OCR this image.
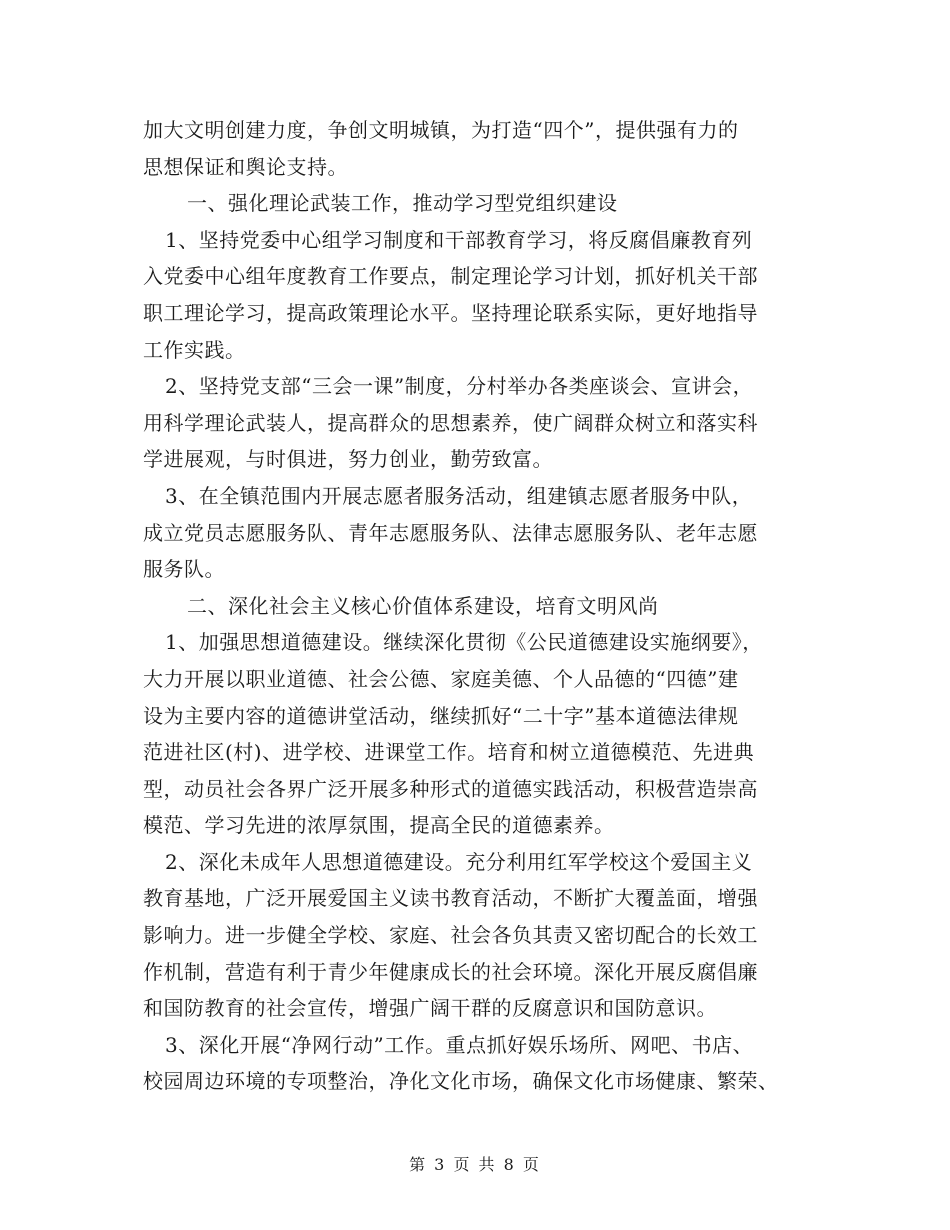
加大文明创建力度，争创文明城镇，为打造“四个”，提供强有力的
思想保证和舆论支持。
一、强化理论武装工作，推动学习型党组织建设
1、坚持党委中心组学习制度和干部教育学习，将反腐倡廉教育列
入党委中心组年度教育工作要点，制定理论学习计划，抓好机关干部
职工理论学习，提高政策理论水平。坚持理论联系实际，更好地指导
工作实践。
2、坚持党支部“三会一课”制度，分村举办各类座谈会、宣讲会，
用科学理论武装人，提高群众的思想素养，使广阔群众树立和落实科
学进展观，与时俱进，努力创业，勤劳致富。
3、在全镇范围内开展志愿者服务活动，组建镇志愿者服务中队，
成立党员志愿服务队、青年志愿服务队、法律志愿服务队、老年志愿
服务队。
二、深化社会主义核心价值体系建设，培育文明风尚
1、加强思想道德建设。继续深化贯彻《公民道德建设实施纲要》，
大力开展以职业道德、社会公德、家庭美德、个人品德的“四德”建
设为主要内容的道德讲堂活动，继续抓好“二十字”基本道德法律规
范进社区(村)、进学校、进课堂工作。培育和树立道德模范、先进典
型，动员社会各界广泛开展多种形式的道德实践活动，积极营造崇高
模范、学习先进的浓厚氛围，提高全民的道德素养。
2、深化未成年人思想道德建设。充分利用红军学校这个爱国主义
教育基地，广泛开展爱国主义读书教育活动，不断扩大覆盖面，增强
影响力。进一步健全学校、家庭、社会各负其责又密切配合的长效工
作机制，营造有利于青少年健康成长的社会环境。深化开展反腐倡廉
和国防教育的社会宣传，增强广阔干群的反腐意识和国防意识。
3、深化开展“净网行动”工作。重点抓好娱乐场所、网吧、书店、
校园周边环境的专项整治，净化文化市场，确保文化市场健康、繁荣、
第 3 页 共 8 页
